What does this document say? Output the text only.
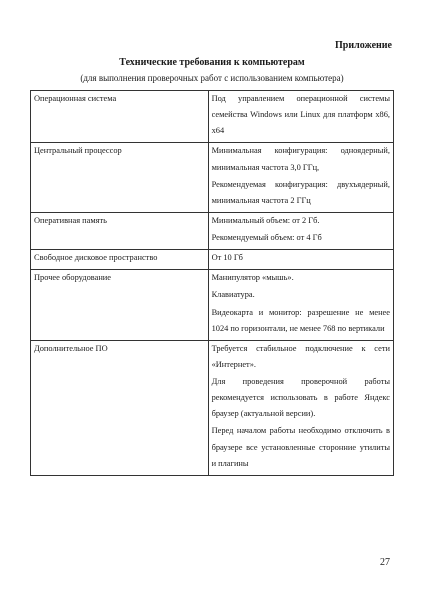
Приложение
Технические требования к компьютерам
(для выполнения проверочных работ с использованием компьютера)
Операционная система	Под управлением операционной системы семейства Windows или Linux для платформ x86, x64

Центральный процессор	Минимальная конфигурация: одноядерный, минимальная частота 3,0 ГГц,

Рекомендуемая конфигурация: двухъядерный, минимальная частота 2 ГГц

Оперативная память	Минимальный объем: от 2 Гб.

Рекомендуемый объем: от 4 Гб

Свободное дисковое пространство	От 10 Гб

Прочее оборудование	Манипулятор «мышь».

Клавиатура.

Видеокарта и монитор: разрешение не менее 1024 по горизонтали, не менее 768 по вертикали

Дополнительное ПО	Требуется стабильное подключение к сети «Интернет».

Для проведения проверочной работы рекомендуется использовать в работе Яндекс браузер (актуальной версии).

Перед началом работы необходимо отключить в браузере все установленные сторонние утилиты и плагины

27
